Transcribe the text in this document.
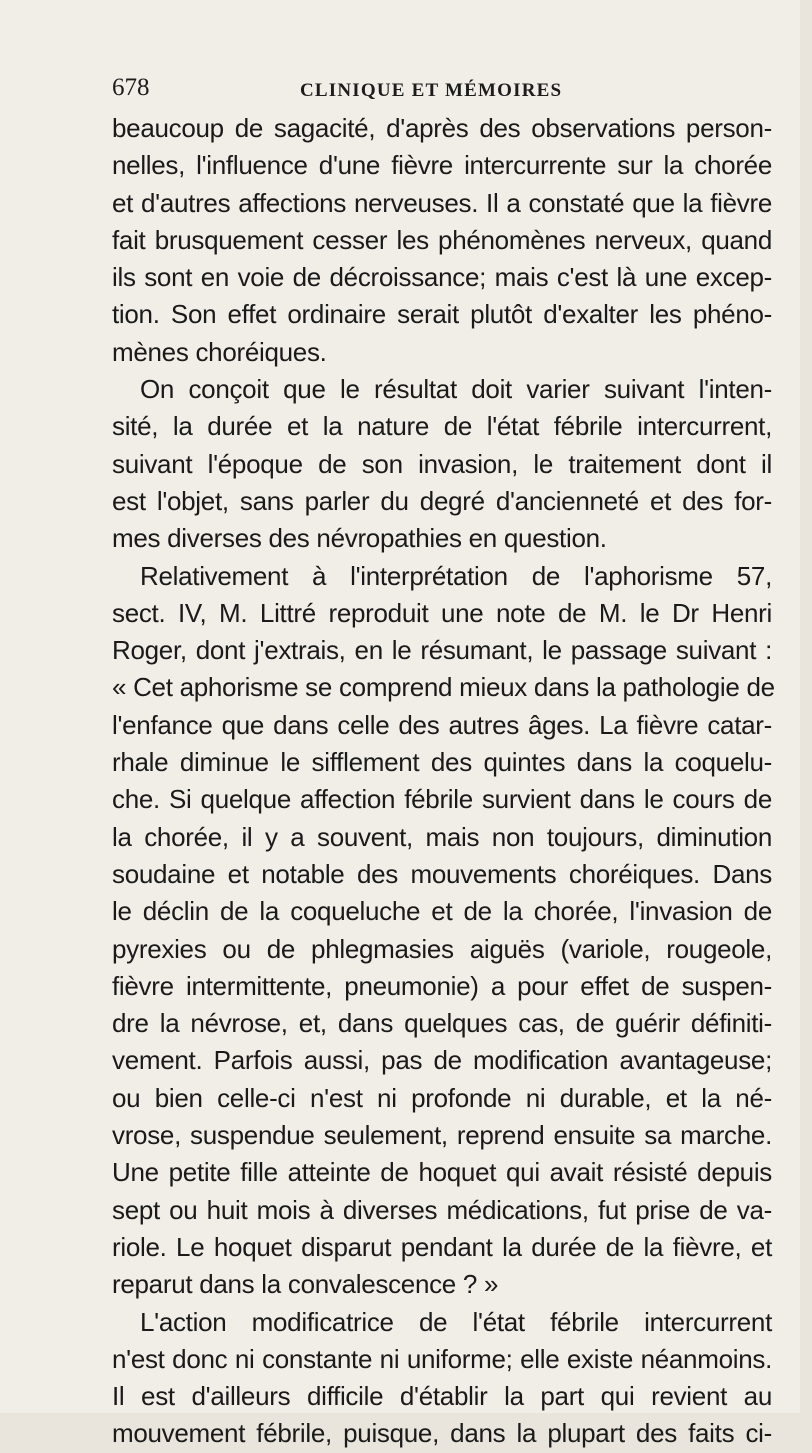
678	CLINIQUE ET MÉMOIRES
beaucoup de sagacité, d'après des observations person-
nelles, l'influence d'une fièvre intercurrente sur la chorée
et d'autres affections nerveuses. Il a constaté que la fièvre
fait brusquement cesser les phénomènes nerveux, quand
ils sont en voie de décroissance; mais c'est là une excep-
tion. Son effet ordinaire serait plutôt d'exalter les phéno-
mènes choréiques.
On conçoit que le résultat doit varier suivant l'inten-
sité, la durée et la nature de l'état fébrile intercurrent,
suivant l'époque de son invasion, le traitement dont il
est l'objet, sans parler du degré d'ancienneté et des for-
mes diverses des névropathies en question.
Relativement à l'interprétation de l'aphorisme 57,
sect. IV, M. Littré reproduit une note de M. le Dr Henri
Roger, dont j'extrais, en le résumant, le passage suivant :
« Cet aphorisme se comprend mieux dans la pathologie de
l'enfance que dans celle des autres âges. La fièvre catar-
rhale diminue le sifflement des quintes dans la coquelu-
che. Si quelque affection fébrile survient dans le cours de
la chorée, il y a souvent, mais non toujours, diminution
soudaine et notable des mouvements choréiques. Dans
le déclin de la coqueluche et de la chorée, l'invasion de
pyrexies ou de phlegmasies aiguës (variole, rougeole,
fièvre intermittente, pneumonie) a pour effet de suspen-
dre la névrose, et, dans quelques cas, de guérir définiti-
vement. Parfois aussi, pas de modification avantageuse;
ou bien celle-ci n'est ni profonde ni durable, et la né-
vrose, suspendue seulement, reprend ensuite sa marche.
Une petite fille atteinte de hoquet qui avait résisté depuis
sept ou huit mois à diverses médications, fut prise de va-
riole. Le hoquet disparut pendant la durée de la fièvre, et
reparut dans la convalescence ? »
L'action modificatrice de l'état fébrile intercurrent
n'est donc ni constante ni uniforme; elle existe néanmoins.
Il est d'ailleurs difficile d'établir la part qui revient au
mouvement fébrile, puisque, dans la plupart des faits ci-
